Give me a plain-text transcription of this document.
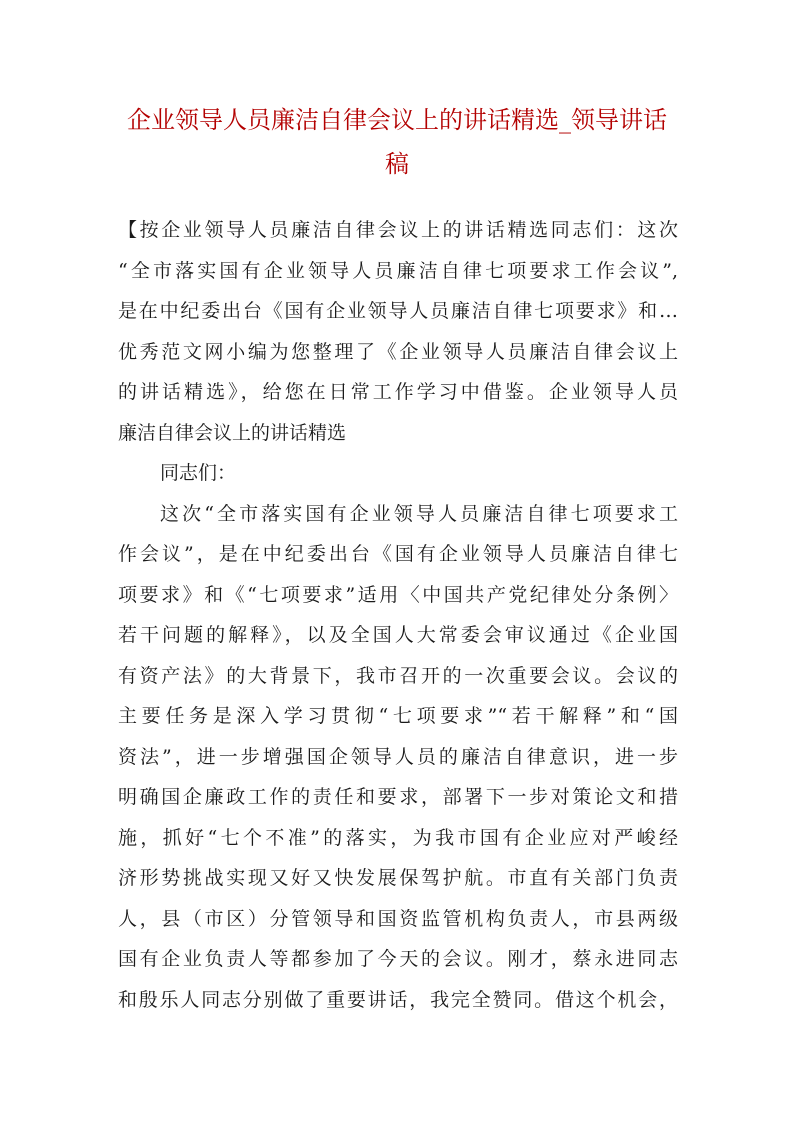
企业领导人员廉洁自律会议上的讲话精选_领导讲话
稿
【按企业领导人员廉洁自律会议上的讲话精选同志们：这次
“全市落实国有企业领导人员廉洁自律七项要求工作会议”,
是在中纪委出台《国有企业领导人员廉洁自律七项要求》和…
优秀范文网小编为您整理了《企业领导人员廉洁自律会议上
的讲话精选》，给您在日常工作学习中借鉴。企业领导人员
廉洁自律会议上的讲话精选
同志们：
这次“全市落实国有企业领导人员廉洁自律七项要求工
作会议”，是在中纪委出台《国有企业领导人员廉洁自律七
项要求》和《“七项要求”适用〈中国共产党纪律处分条例〉
若干问题的解释》，以及全国人大常委会审议通过《企业国
有资产法》的大背景下，我市召开的一次重要会议。会议的
主要任务是深入学习贯彻“七项要求”“若干解释”和“国
资法”，进一步增强国企领导人员的廉洁自律意识，进一步
明确国企廉政工作的责任和要求，部署下一步对策论文和措
施，抓好“七个不准”的落实，为我市国有企业应对严峻经
济形势挑战实现又好又快发展保驾护航。市直有关部门负责
人，县（市区）分管领导和国资监管机构负责人，市县两级
国有企业负责人等都参加了今天的会议。刚才，蔡永进同志
和殷乐人同志分别做了重要讲话，我完全赞同。借这个机会，
